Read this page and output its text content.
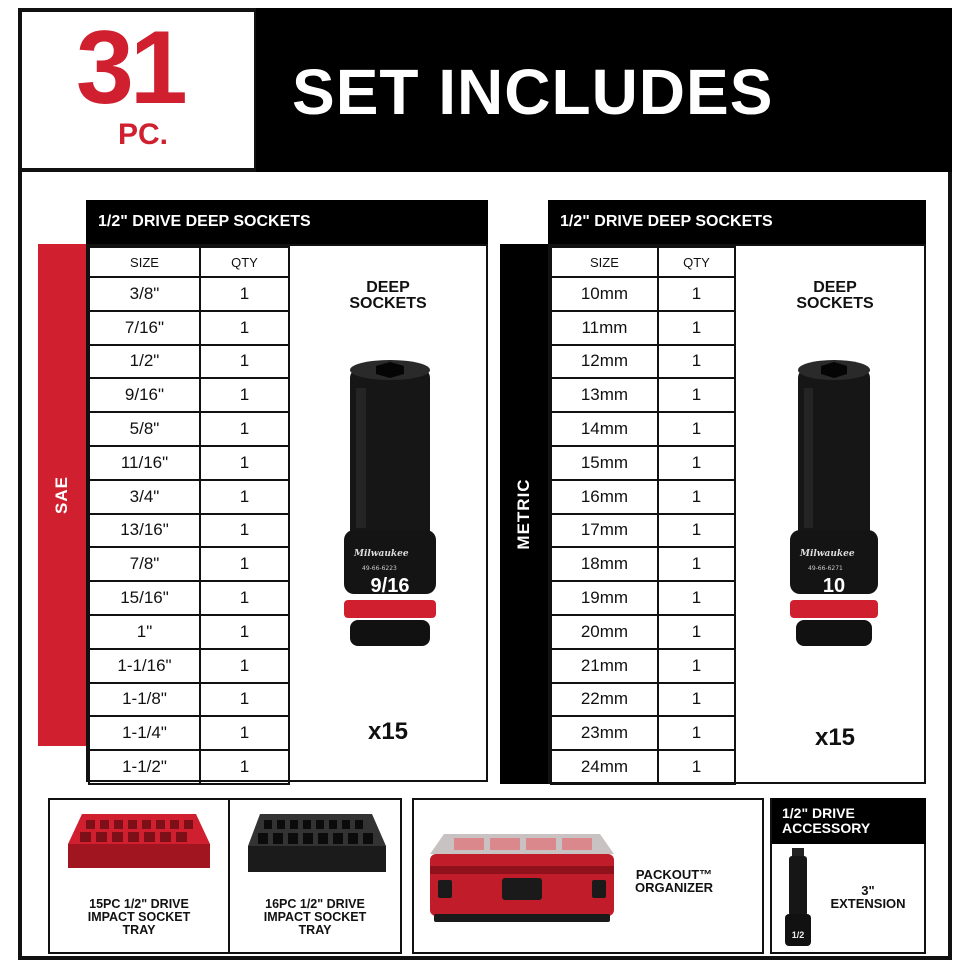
31
PC.
SET INCLUDES
SAE
1/2" DRIVE DEEP SOCKETS
SIZE	QTY
3/8"	1
7/16"	1
1/2"	1
9/16"	1
5/8"	1
11/16"	1
3/4"	1
13/16"	1
7/8"	1
15/16"	1
1"	1
1-1/16"	1
1-1/8"	1
1-1/4"	1
1-1/2"	1
DEEP
SOCKETS
Milwaukee
49-66-6223
9/16
x15
METRIC
1/2" DRIVE DEEP SOCKETS
SIZE	QTY
10mm	1
11mm	1
12mm	1
13mm	1
14mm	1
15mm	1
16mm	1
17mm	1
18mm	1
19mm	1
20mm	1
21mm	1
22mm	1
23mm	1
24mm	1
DEEP
SOCKETS
Milwaukee
49-66-6271
10
x15
15PC 1/2" DRIVE
IMPACT SOCKET
TRAY
16PC 1/2" DRIVE
IMPACT SOCKET
TRAY
PACKOUT™
ORGANIZER
1/2" DRIVE
ACCESSORY
1/2
3"
EXTENSION
